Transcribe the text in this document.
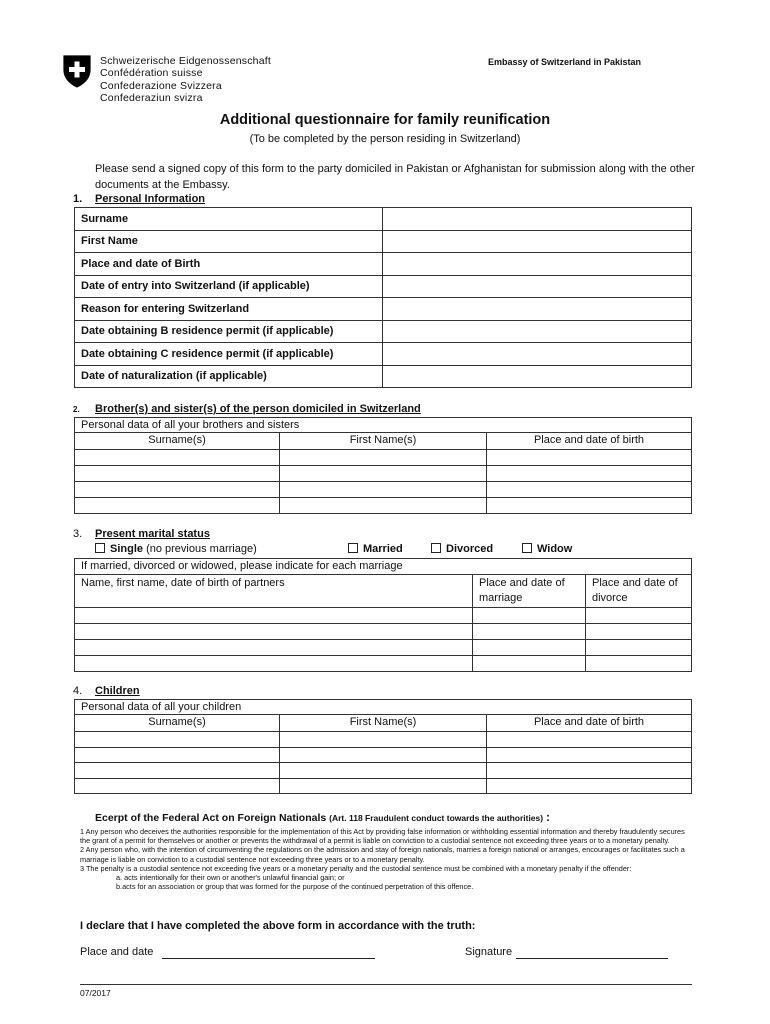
Schweizerische Eidgenossenschaft
Confédération suisse
Confederazione Svizzera
Confederaziun svizra
Embassy of Switzerland in Pakistan
Additional questionnaire for family reunification
(To be completed by the person residing in Switzerland)
Please send a signed copy of this form to the party domiciled in Pakistan or Afghanistan for submission along with the other documents at the Embassy.
1. Personal Information
Surname	
First Name	
Place and date of Birth	
Date of entry into Switzerland (if applicable)	
Reason for entering Switzerland	
Date obtaining B residence permit (if applicable)	
Date obtaining C residence permit (if applicable)	
Date of naturalization (if applicable)	
2. Brother(s) and sister(s) of the person domiciled in Switzerland
Personal data of all your brothers and sisters		
Surname(s)	First Name(s)	Place and date of birth

3. Present marital status
Single (no previous marriage)	Married	Divorced	Widow
If married, divorced or widowed, please indicate for each marriage		
Name, first name, date of birth of partners	Place and date of marriage	Place and date of divorce

4. Children
Personal data of all your children		
Surname(s)	First Name(s)	Place and date of birth

Ecerpt of the Federal Act on Foreign Nationals (Art. 118 Fraudulent conduct towards the authorities) :
1 Any person who deceives the authorities responsible for the implementation of this Act by providing false information or withholding essential information and thereby fraudulently secures the grant of a permit for themselves or another or prevents the withdrawal of a permit is liable on conviction to a custodial sentence not exceeding three years or to a monetary penalty.
2 Any person who, with the intention of circumventing the regulations on the admission and stay of foreign nationals, marries a foreign national or arranges, encourages or facilitates such a marriage is liable on conviction to a custodial sentence not exceeding three years or to a monetary penalty.
3 The penalty is a custodial sentence not exceeding five years or a monetary penalty and the custodial sentence must be combined with a monetary penalty if the offender:
a. acts intentionally for their own or another's unlawful financial gain; or
b.acts for an association or group that was formed for the purpose of the continued perpetration of this offence.
I declare that I have completed the above form in accordance with the truth:
Place and date	Signature
07/2017
